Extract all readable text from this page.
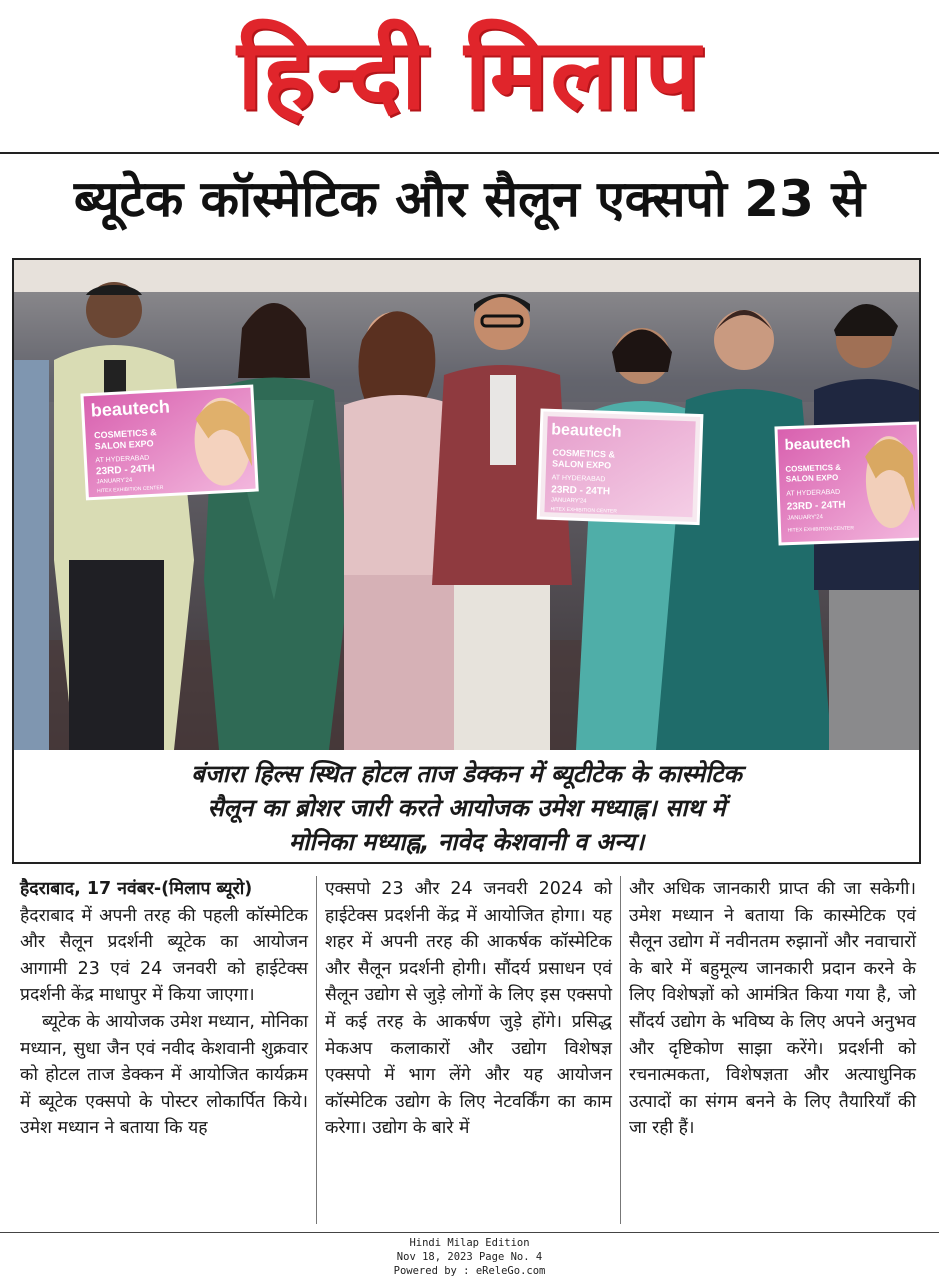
हिन्दी मिलाप
ब्यूटेक कॉस्मेटिक और सैलून एक्सपो 23 से
beautech
COSMETICS &
SALON EXPO
AT HYDERABAD
23RD - 24TH
JANUARY'24
HITEX EXHIBITION CENTER
beautech
COSMETICS &
SALON EXPO
AT HYDERABAD
23RD - 24TH
JANUARY'24
HITEX EXHIBITION CENTER
beautech
COSMETICS &
SALON EXPO
AT HYDERABAD
23RD - 24TH
JANUARY'24
HITEX EXHIBITION CENTER
बंजारा हिल्स स्थित होटल ताज डेक्कन में ब्यूटीटेक के कास्मेटिक
सैलून का ब्रोशर जारी करते आयोजक उमेश मध्याह्न। साथ में
मोनिका मध्याह्न, नावेद केशवानी व अन्य।

हैदराबाद, 17 नवंबर-(मिलाप ब्यूरो)

हैदराबाद में अपनी तरह की पहली कॉस्मेटिक और सैलून प्रदर्शनी ब्यूटेक का आयोजन आगामी 23 एवं 24 जनवरी को हाईटेक्स प्रदर्शनी केंद्र माधापुर में किया जाएगा।

ब्यूटेक के आयोजक उमेश मध्यान, मोनिका मध्यान, सुधा जैन एवं नवीद केशवानी शुक्रवार को होटल ताज डेक्कन में आयोजित कार्यक्रम में ब्यूटेक एक्सपो के पोस्टर लोकार्पित किये। उमेश मध्यान ने बताया कि यह

एक्सपो 23 और 24 जनवरी 2024 को हाईटेक्स प्रदर्शनी केंद्र में आयोजित होगा। यह शहर में अपनी तरह की आकर्षक कॉस्मेटिक और सैलून प्रदर्शनी होगी। सौंदर्य प्रसाधन एवं सैलून उद्योग से जुड़े लोगों के लिए इस एक्सपो में कई तरह के आकर्षण जुड़े होंगे। प्रसिद्ध मेकअप कलाकारों और उद्योग विशेषज्ञ एक्सपो में भाग लेंगे और यह आयोजन कॉस्मेटिक उद्योग के लिए नेटवर्किंग का काम करेगा। उद्योग के बारे में

और अधिक जानकारी प्राप्त की जा सकेगी। उमेश मध्यान ने बताया कि कास्मेटिक एवं सैलून उद्योग में नवीनतम रुझानों और नवाचारों के बारे में बहुमूल्य जानकारी प्रदान करने के लिए विशेषज्ञों को आमंत्रित किया गया है, जो सौंदर्य उद्योग के भविष्य के लिए अपने अनुभव और दृष्टिकोण साझा करेंगे। प्रदर्शनी को रचनात्मकता, विशेषज्ञता और अत्याधुनिक उत्पादों का संगम बनने के लिए तैयारियाँ की जा रही हैं।

Hindi Milap Edition
Nov 18, 2023 Page No. 4
Powered by : eReleGo.com
